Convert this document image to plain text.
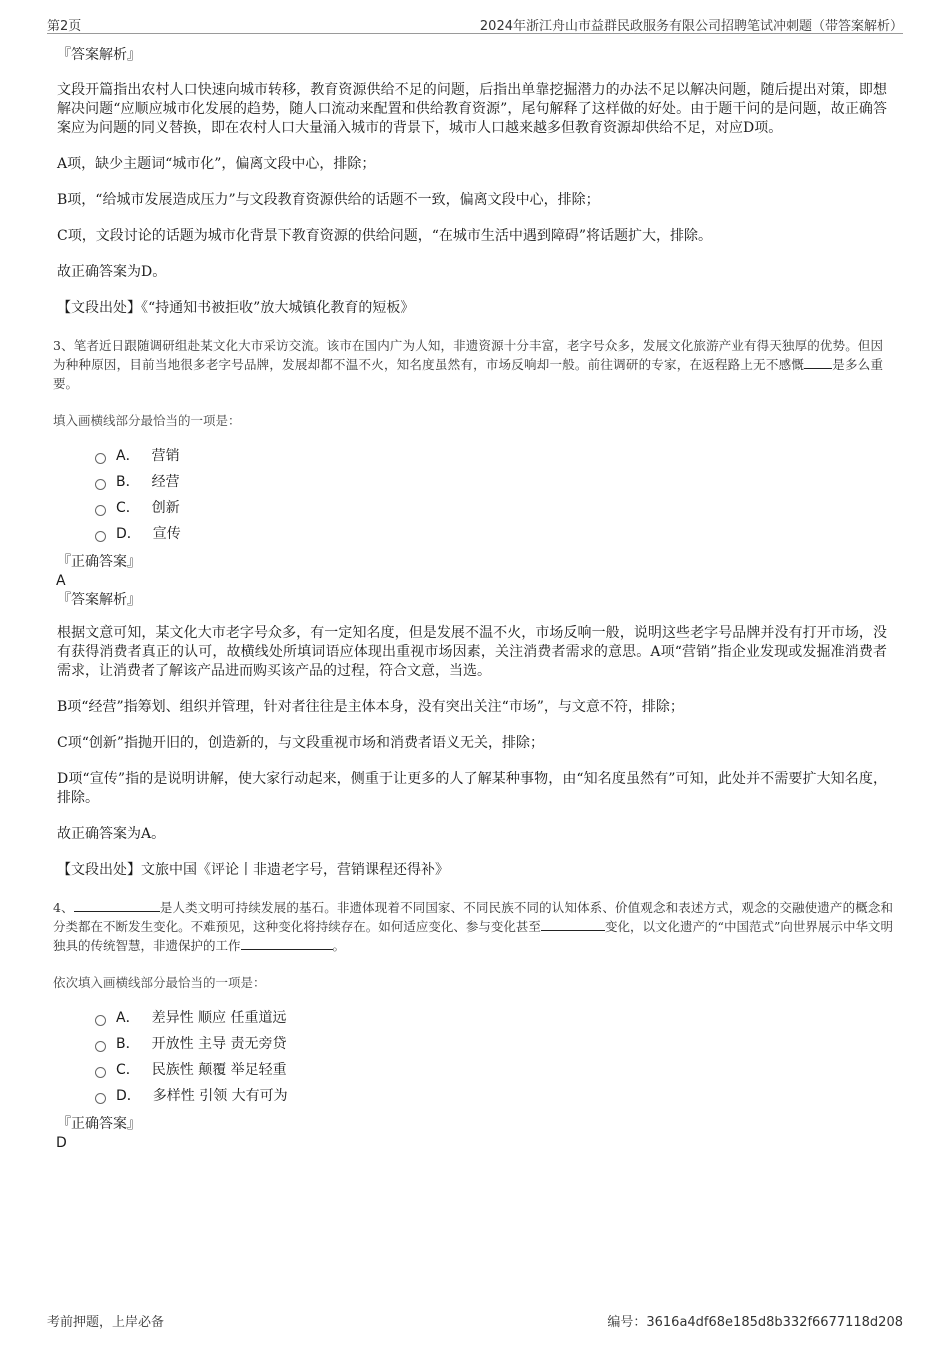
第2页	2024年浙江舟山市益群民政服务有限公司招聘笔试冲刺题（带答案解析）

『答案解析』

文段开篇指出农村人口快速向城市转移，教育资源供给不足的问题，后指出单靠挖掘潜力的办法不足以解决问题，随后提出对策，即想解决问题“应顺应城市化发展的趋势，随人口流动来配置和供给教育资源”，尾句解释了这样做的好处。由于题干问的是问题，故正确答案应为问题的同义替换，即在农村人口大量涌入城市的背景下，城市人口越来越多但教育资源却供给不足，对应D项。

A项，缺少主题词“城市化”，偏离文段中心，排除；

B项，“给城市发展造成压力”与文段教育资源供给的话题不一致，偏离文段中心，排除；

C项，文段讨论的话题为城市化背景下教育资源的供给问题，“在城市生活中遇到障碍”将话题扩大，排除。

故正确答案为D。

【文段出处】《“持通知书被拒收”放大城镇化教育的短板》

3、笔者近日跟随调研组赴某文化大市采访交流。该市在国内广为人知，非遗资源十分丰富，老字号众多，发展文化旅游产业有得天独厚的优势。但因为种种原因，目前当地很多老字号品牌，发展却都不温不火，知名度虽然有，市场反响却一般。前往调研的专家，在返程路上无不感慨 是多么重要。

填入画横线部分最恰当的一项是：

A． 营销
B． 经营
C． 创新
D． 宣传

『正确答案』

A

『答案解析』

根据文意可知，某文化大市老字号众多，有一定知名度，但是发展不温不火，市场反响一般，说明这些老字号品牌并没有打开市场，没有获得消费者真正的认可，故横线处所填词语应体现出重视市场因素，关注消费者需求的意思。A项“营销”指企业发现或发掘准消费者需求，让消费者了解该产品进而购买该产品的过程，符合文意，当选。

B项“经营”指筹划、组织并管理，针对者往往是主体本身，没有突出关注“市场”，与文意不符，排除；

C项“创新”指抛开旧的，创造新的，与文段重视市场和消费者语义无关，排除；

D项“宣传”指的是说明讲解，使大家行动起来，侧重于让更多的人了解某种事物，由“知名度虽然有”可知，此处并不需要扩大知名度，排除。

故正确答案为A。

【文段出处】文旅中国《评论丨非遗老字号，营销课程还得补》

4、	是人类文明可持续发展的基石。非遗体现着不同国家、不同民族不同的认知体系、价值观念和表述方式，观念的交融使遗产的概念和分类都在不断发生变化。不难预见，这种变化将持续存在。如何适应变化、参与变化甚至	变化，以文化遗产的“中国范式”向世界展示中华文明独具的传统智慧，非遗保护的工作	。

依次填入画横线部分最恰当的一项是：

A． 差异性 顺应 任重道远
B． 开放性 主导 责无旁贷
C． 民族性 颠覆 举足轻重
D． 多样性 引领 大有可为

『正确答案』

D

考前押题，上岸必备	编号：3616a4df68e185d8b332f6677118d208
